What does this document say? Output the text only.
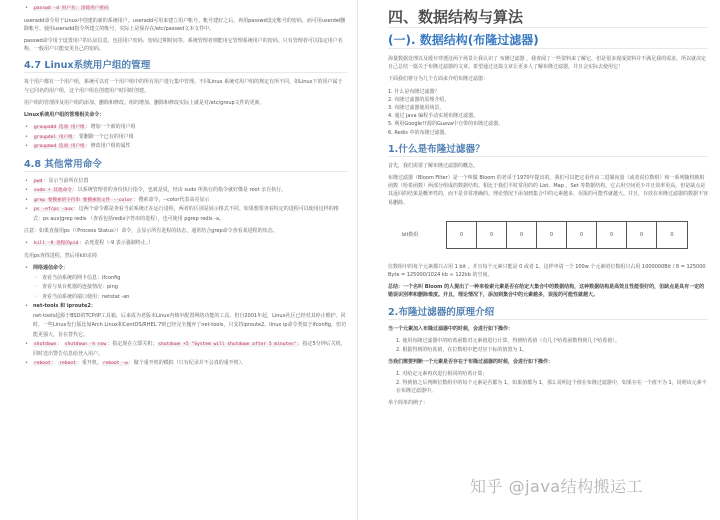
• passwd -d 用户名: 清除用户密码

useradd命令用于Linux中创建的新的系统用户。useradd可用来建立用户帐号。帐号建好之后，再用passwd设定帐号的密码，而可用userdel删除帐号。使用useradd指令所建立的帐号，实际上是保存在/etc/passwd文本文件中。

passwd命令用于设置用户的认证信息，包括用户密码、密码过期时间等。系统管理者则能用它管理系统用户的密码。只有管理者可以指定用户名称，一般用户只能变更自己的密码。

4.7 Linux系统用户组的管理

每个用户都有一个用户组，系统可以对一个用户组中的所有用户进行集中管理。不同Linux 系统对用户组的规定有所不同，如Linux下的用户属于与它同名的用户组，这个用户组在创建用户时同时创建。

用户组的管理涉及用户组的添加、删除和修改。组的增加、删除和修改实际上就是对/etc/group文件的更新。

Linux系统用户组的管理相关命令：

• groupadd 选项 用户组：增加一个新的用户组
• groupdel 用户组：要删除一个已有的用户组
• groupmod 选项 用户组：修改用户组的属性
4.8 其他常用命令
• pwd：显示当前所在位置
• sudo + 其他命令：以系统管理者的身份执行指令，也就是说，经由 sudo 所执行的指令就好像是 root 亲自执行。
• grep 要搜索的字符串 要搜索的文件 --color：搜索命令，--color代表高亮显示
• ps -ef/ps -aux：这两个命令都是查看当前系统正在运行进程，两者的区别是展示格式不同。如果想要查看特定的进程可以使用这样的格式：ps aux|grep redis （查看包括redis字符串的进程），也可使用 pgrep redis -a。

注意：如果直接用ps（（Process Status））命令，会显示所有进程的状态，通常结合grep命令查看某进程的状态。

• kill -9 进程的pid：杀死进程（-9 表示强制终止。）

先用ps查找进程，然后用kill杀掉

• 网络通信命令：
◦ 查看当前系统的网卡信息：ifconfig
◦ 查看与某台机器的连接情况：ping
◦ 查看当前系统的端口使用：netstat -an
• net-tools 和 iproute2：
net-tools起源于BSD的TCP/IP工具箱，后来成为老版本Linux内核中配置网络功能的工具。但自2001年起，Linux社区已经对其停止维护。同时，一些Linux发行版比如Arch Linux和CentOS/RHEL 7则已经完全抛弃了net-tools，只支持iproute2。linux ip命令类似于ifconfig，但功能更强大，旨在替代它。
• shutdown： shutdown -h now：指定现在立即关机；shutdown +5 "System will shutdown after 5 minutes"：指定5分钟后关机，同时送出警告信息给登入用户。
• reboot： reboot：重开机。reboot -w：做个重开机的模拟（只有纪录并不会真的重开机）。
四、数据结构与算法
(一). 数据结构(布隆过滤器)

海量数据处理以及缓存穿透这两个场景让我认识了 布隆过滤器 ，我查阅了一些资料来了解它，但是很多现成资料并不满足我的需求，所以就决定自己总结一篇关于布隆过滤器的文章。希望通过这篇文章让更多人了解布隆过滤器，并且会实际去使用它！

下面我们将分为几个方面来介绍布隆过滤器：

1. 什么是布隆过滤器？
2. 布隆过滤器的原理介绍。
3. 布隆过滤器使用场景。
4. 通过 Java 编程手动实现布隆过滤器。
5. 利用Google开源的Guava中自带的布隆过滤器。
6. Redis 中的布隆过滤器。
1.什么是布隆过滤器？

首先，我们需要了解布隆过滤器的概念。

布隆过滤器（Bloom Filter）是一个叫做 Bloom 的老哥于1970年提出的。我们可以把它看作由二进制向量（或者说位数组）和一系列随机映射函数（哈希函数）两部分组成的数据结构。相比于我们平时常用的的 List、Map 、Set 等数据结构，它占用空间更少并且效率更高，但是缺点是其返回的结果是概率性的，而不是非常准确的。理论情况下添加到集合中的元素越多，误报的可能性就越大。并且，存放在布隆过滤器的数据不容易删除。

bit数组	0	0	0	0	0	0	0	0

位数组中的每个元素都只占用 1 bit ，并且每个元素只能是 0 或者 1。这样申请一个 100w 个元素的位数组只占用 1000000Bit / 8 = 125000 Byte = 125000/1024 kb ≈ 122kb 的空间。

总结：一个名叫 Bloom 的人提出了一种来检索元素是否在给定大集合中的数据结构，这种数据结构是高效且性能很好的，但缺点是具有一定的错误识别率和删除难度。并且，理论情况下，添加到集合中的元素越多，误报的可能性就越大。

2.布隆过滤器的原理介绍

当一个元素加入布隆过滤器中的时候，会进行如下操作：

1. 使用布隆过滤器中的哈希函数对元素值进行计算，得到哈希值（有几个哈希函数得到几个哈希值）。
2. 根据得到的哈希值，在位数组中把对应下标的值置为 1。

当我们需要判断一个元素是否存在于布隆过滤器的时候，会进行如下操作：

1. 对给定元素再次进行相同的哈希计算；
2. 得到值之后判断位数组中的每个元素是否都为 1，如果值都为 1，那么说明这个值在布隆过滤器中，如果存在一个值不为 1，说明该元素不在布隆过滤器中。

举个简单的例子：

知乎 @java结构搬运工
